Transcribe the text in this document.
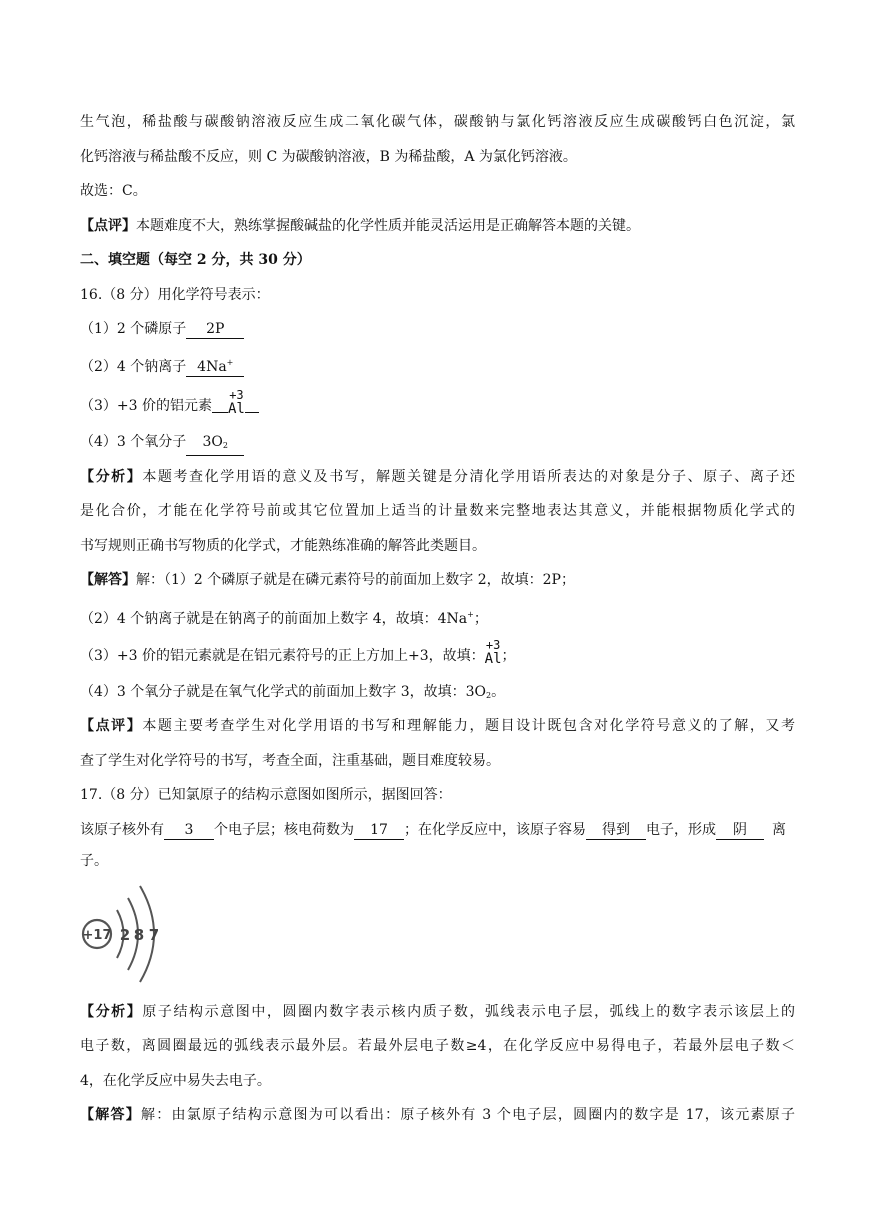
生气泡，稀盐酸与碳酸钠溶液反应生成二氧化碳气体，碳酸钠与氯化钙溶液反应生成碳酸钙白色沉淀，氯
化钙溶液与稀盐酸不反应，则 C 为碳酸钠溶液，B 为稀盐酸，A 为氯化钙溶液。
故选：C。
【点评】本题难度不大，熟练掌握酸碱盐的化学性质并能灵活运用是正确解答本题的关键。
二、填空题（每空 2 分，共 30 分）
16.（8 分）用化学符号表示：
（1）2 个磷原子 2P
（2）4 个钠离子 4Na+
（3）+3 价的铝元素
+3
Al
（4）3 个氧分子 $3O_2$
【分析】本题考查化学用语的意义及书写，解题关键是分清化学用语所表达的对象是分子、原子、离子还
是化合价，才能在化学符号前或其它位置加上适当的计量数来完整地表达其意义，并能根据物质化学式的
书写规则正确书写物质的化学式，才能熟练准确的解答此类题目。
【解答】解：（1）2 个磷原子就是在磷元素符号的前面加上数字 2，故填：2P；
（2）4 个钠离子就是在钠离子的前面加上数字 4，故填：4Na+；
（3）+3 价的铝元素就是在铝元素符号的正上方加上+3，故填：
+3
Al ；
（4）3 个氧分子就是在氧气化学式的前面加上数字 3，故填：$3O_2$。
【点评】本题主要考查学生对化学用语的书写和理解能力，题目设计既包含对化学符号意义的了解，又考
查了学生对化学符号的书写，考查全面，注重基础，题目难度较易。
17.（8 分）已知氯原子的结构示意图如图所示，据图回答：
该原子核外有 3 个电子层；核电荷数为 17 ；在化学反应中，该原子容易 得到 电子，形成 阴 离
子。
+17 2 8 7
【分析】原子结构示意图中，圆圈内数字表示核内质子数，弧线表示电子层，弧线上的数字表示该层上的
电子数，离圆圈最远的弧线表示最外层。若最外层电子数≥4，在化学反应中易得电子，若最外层电子数＜
4，在化学反应中易失去电子。
【解答】解：由氯原子结构示意图为可以看出：原子核外有 3 个电子层，圆圈内的数字是 17，该元素原子
